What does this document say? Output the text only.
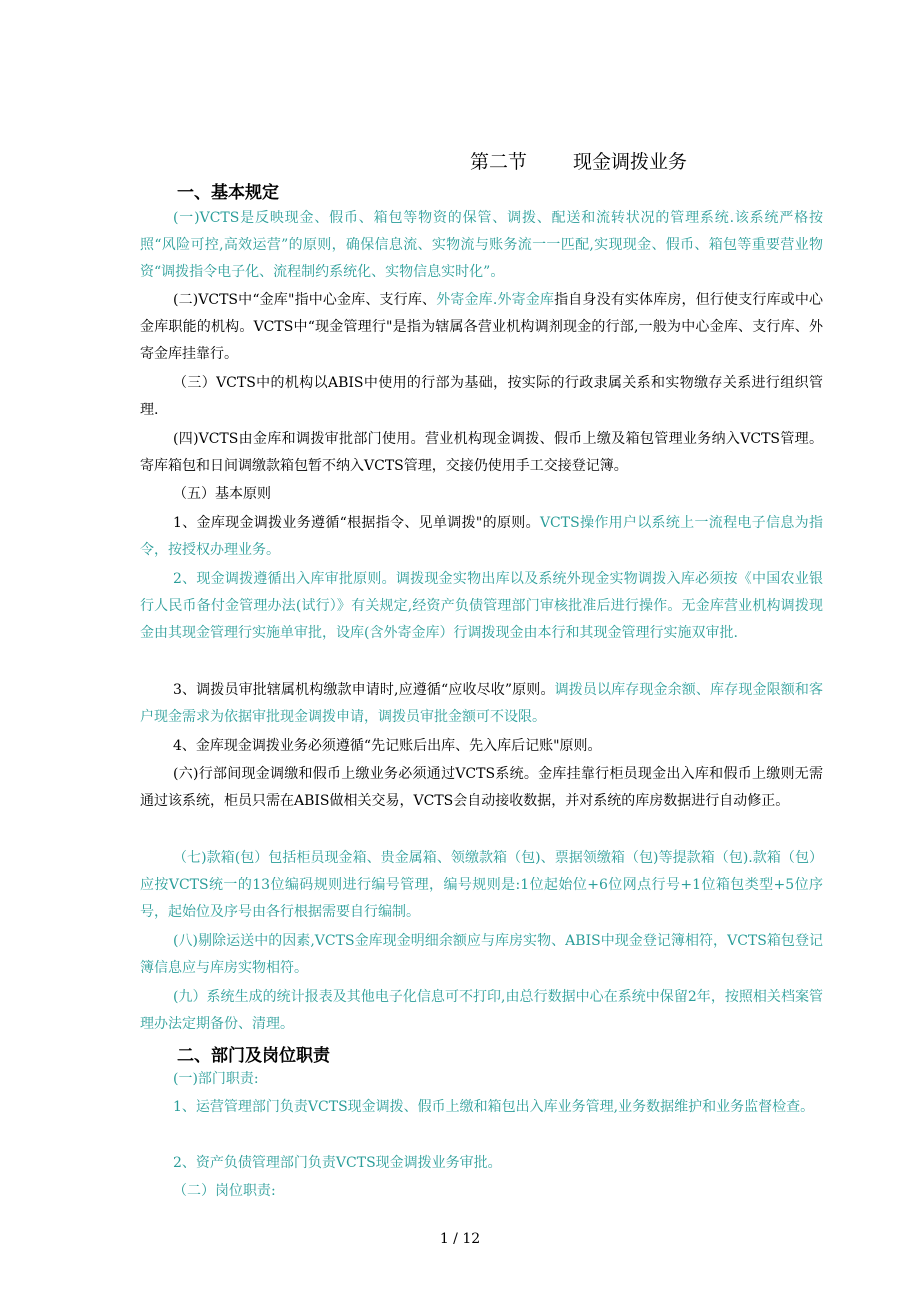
第二节 现金调拨业务
一、基本规定
(一)VCTS是反映现金、假币、箱包等物资的保管、调拨、配送和流转状况的管理系统.该系统严格按照“风险可控,高效运营”的原则，确保信息流、实物流与账务流一一匹配,实现现金、假币、箱包等重要营业物资“调拨指令电子化、流程制约系统化、实物信息实时化”。
(二)VCTS中“金库"指中心金库、支行库、外寄金库.外寄金库指自身没有实体库房，但行使支行库或中心金库职能的机构。VCTS中“现金管理行"是指为辖属各营业机构调剂现金的行部,一般为中心金库、支行库、外寄金库挂靠行。
（三）VCTS中的机构以ABIS中使用的行部为基础，按实际的行政隶属关系和实物缴存关系进行组织管理.
(四)VCTS由金库和调拨审批部门使用。营业机构现金调拨、假币上缴及箱包管理业务纳入VCTS管理。寄库箱包和日间调缴款箱包暂不纳入VCTS管理，交接仍使用手工交接登记簿。
（五）基本原则
1、金库现金调拨业务遵循“根据指令、见单调拨"的原则。VCTS操作用户以系统上一流程电子信息为指令，按授权办理业务。
2、现金调拨遵循出入库审批原则。调拨现金实物出库以及系统外现金实物调拨入库必须按《中国农业银行人民币备付金管理办法(试行）》有关规定,经资产负债管理部门审核批准后进行操作。无金库营业机构调拨现金由其现金管理行实施单审批，设库(含外寄金库）行调拨现金由本行和其现金管理行实施双审批.
3、调拨员审批辖属机构缴款申请时,应遵循“应收尽收”原则。调拨员以库存现金余额、库存现金限额和客户现金需求为依据审批现金调拨申请，调拨员审批金额可不设限。
4、金库现金调拨业务必须遵循“先记账后出库、先入库后记账"原则。
(六)行部间现金调缴和假币上缴业务必须通过VCTS系统。金库挂靠行柜员现金出入库和假币上缴则无需通过该系统，柜员只需在ABIS做相关交易，VCTS会自动接收数据，并对系统的库房数据进行自动修正。
（七)款箱(包）包括柜员现金箱、贵金属箱、领缴款箱（包)、票据领缴箱（包)等提款箱（包).款箱（包）应按VCTS统一的13位编码规则进行编号管理，编号规则是:1位起始位+6位网点行号+1位箱包类型+5位序号，起始位及序号由各行根据需要自行编制。
(八)剔除运送中的因素,VCTS金库现金明细余额应与库房实物、ABIS中现金登记簿相符，VCTS箱包登记簿信息应与库房实物相符。
(九）系统生成的统计报表及其他电子化信息可不打印,由总行数据中心在系统中保留2年，按照相关档案管理办法定期备份、清理。
二、部门及岗位职责
(一)部门职责:
1、运营管理部门负责VCTS现金调拨、假币上缴和箱包出入库业务管理,业务数据维护和业务监督检查。
2、资产负债管理部门负责VCTS现金调拨业务审批。
（二）岗位职责:
1 / 12
